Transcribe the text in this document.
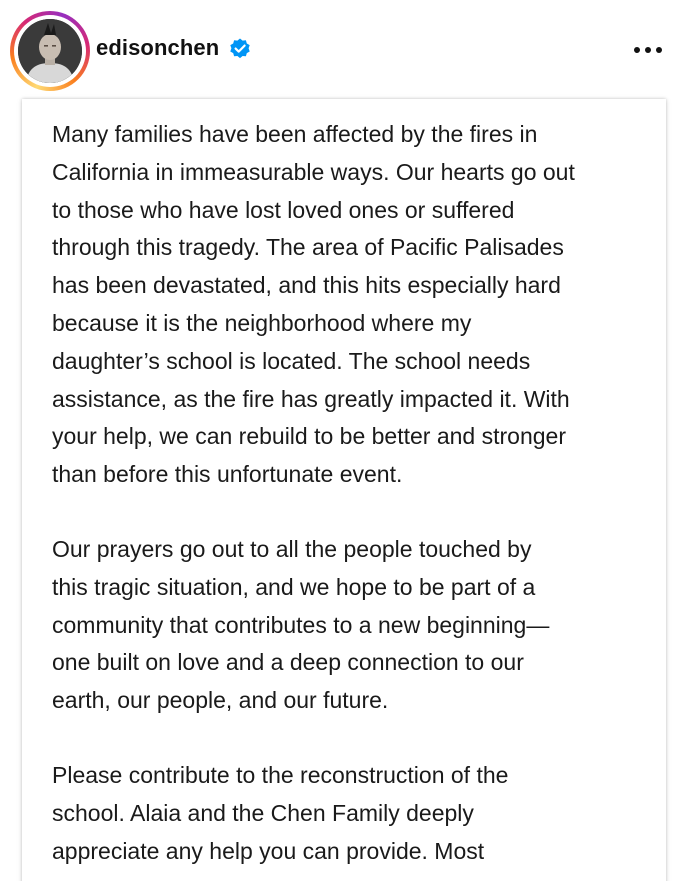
edisonchen

Many families have been affected by the fires in
California in immeasurable ways. Our hearts go out
to those who have lost loved ones or suffered
through this tragedy. The area of Pacific Palisades
has been devastated, and this hits especially hard
because it is the neighborhood where my
daughter’s school is located. The school needs
assistance, as the fire has greatly impacted it. With
your help, we can rebuild to be better and stronger
than before this unfortunate event.

Our prayers go out to all the people touched by
this tragic situation, and we hope to be part of a
community that contributes to a new beginning—
one built on love and a deep connection to our
earth, our people, and our future.

Please contribute to the reconstruction of the
school. Alaia and the Chen Family deeply
appreciate any help you can provide. Most
